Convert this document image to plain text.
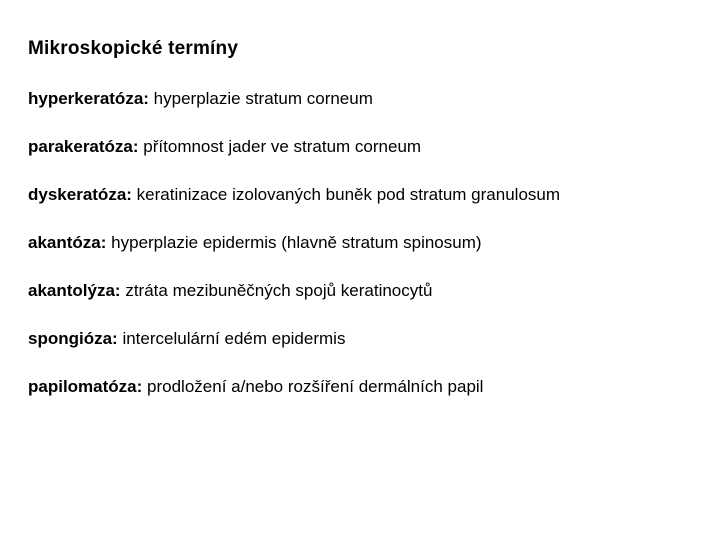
Mikroskopické termíny
hyperkeratóza: hyperplazie stratum corneum
parakeratóza: přítomnost jader ve stratum corneum
dyskeratóza: keratinizace izolovaných buněk pod stratum granulosum
akantóza: hyperplazie epidermis (hlavně stratum spinosum)
akantolýza: ztráta mezibuněčných spojů keratinocytů
spongióza: intercelulární edém epidermis
papilomatóza: prodložení a/nebo rozšíření dermálních papil
